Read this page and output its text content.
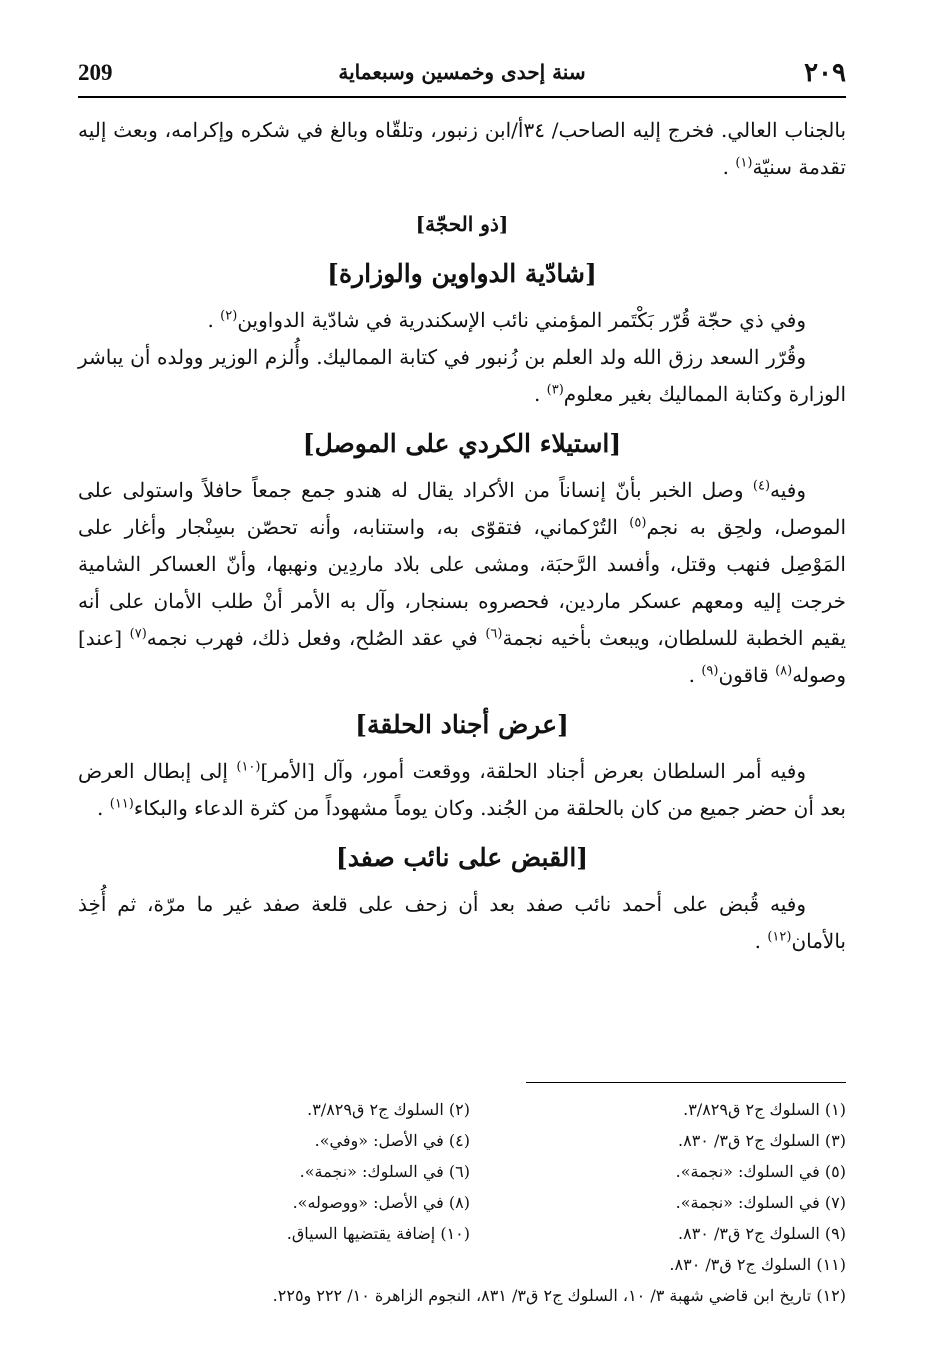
٢٠٩
سنة إحدى وخمسين وسبعماية
209

بالجناب العالي. فخرج إليه الصاحب/ ٣٤أ/ابن زنبور، وتلقّاه وبالغ في شكره وإكرامه، وبعث إليه تقدمة سنيّة$^{(١)}$ .

[ذو الحجّة]
[شادّية الدواوين والوزارة]

وفي ذي حجّة قُرّر بَكْتَمر المؤمني نائب الإسكندرية في شادّية الدواوين$^{(٢)}$ .

وقُرّر السعد رزق الله ولد العلم بن زُنبور في كتابة المماليك. وأُلزم الوزير وولده أن يباشر الوزارة وكتابة المماليك بغير معلوم$^{(٣)}$ .

[استيلاء الكردي على الموصل]

وفيه$^{(٤)}$ وصل الخبر بأنّ إنساناً من الأكراد يقال له هندو جمع جمعاً حافلاً واستولى على الموصل، ولحِق به نجم$^{(٥)}$ التُرْكماني، فتقوّى به، واستنابه، وأنه تحصّن بسِنْجار وأغار على المَوْصِل فنهب وقتل، وأفسد الرَّحبَة، ومشى على بلاد ماردِين ونهبها، وأنّ العساكر الشامية خرجت إليه ومعهم عسكر ماردين، فحصروه بسنجار، وآل به الأمر أنْ طلب الأمان على أنه يقيم الخطبة للسلطان، ويبعث بأخيه نجمة$^{(٦)}$ في عقد الصُلح، وفعل ذلك، فهرب نجمه$^{(٧)}$ [عند] وصوله$^{(٨)}$ قاقون$^{(٩)}$ .

[عرض أجناد الحلقة]

وفيه أمر السلطان بعرض أجناد الحلقة، ووقعت أمور، وآل [الأمر]$^{(١٠)}$ إلى إبطال العرض بعد أن حضر جميع من كان بالحلقة من الجُند. وكان يوماً مشهوداً من كثرة الدعاء والبكاء$^{(١١)}$ .

[القبض على نائب صفد]

وفيه قُبض على أحمد نائب صفد بعد أن زحف على قلعة صفد غير ما مرّة، ثم أُخِذ بالأمان$^{(١٢)}$ .

(١) السلوك ج٢ ق٣/٨٢٩.
(٢) السلوك ج٢ ق٣/٨٢٩.
(٣) السلوك ج٢ ق٣/ ٨٣٠.
(٤) في الأصل: «وفي».
(٥) في السلوك: «نجمة».
(٦) في السلوك: «نجمة».
(٧) في السلوك: «نجمة».
(٨) في الأصل: «ووصوله».
(٩) السلوك ج٢ ق٣/ ٨٣٠.
(١٠) إضافة يقتضيها السياق.
(١١) السلوك ج٢ ق٣/ ٨٣٠.
(١٢) تاريخ ابن قاضي شهبة ٣/ ١٠، السلوك ج٢ ق٣/ ٨٣١، النجوم الزاهرة ١٠/ ٢٢٢ و٢٢٥.
